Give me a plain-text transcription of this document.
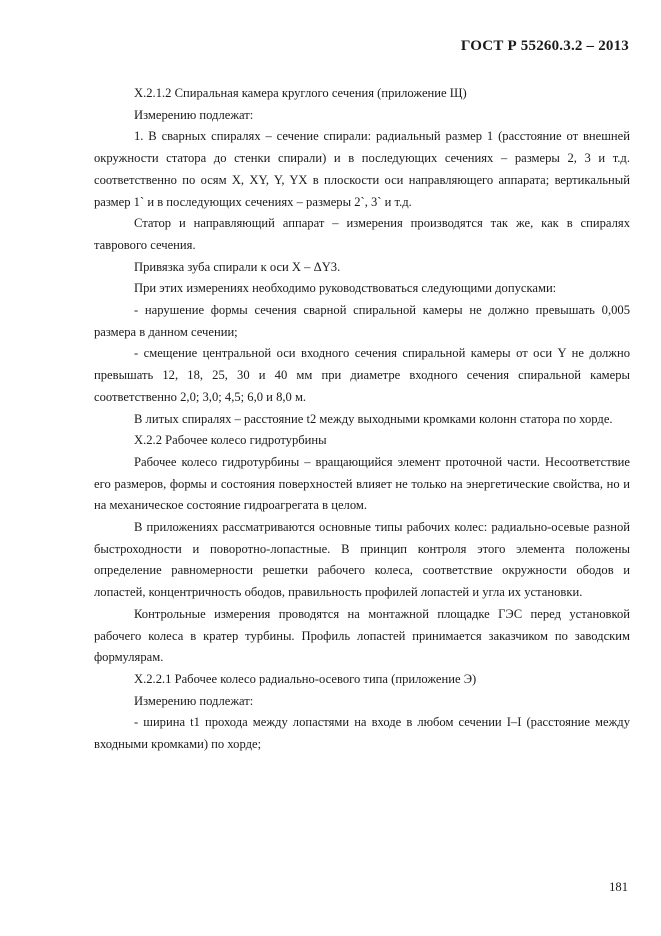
ГОСТ Р 55260.3.2 – 2013

Х.2.1.2 Спиральная камера круглого сечения (приложение Щ)

Измерению подлежат:

1. В сварных спиралях – сечение спирали: радиальный размер 1 (расстояние от внешней окружности статора до стенки спирали) и в последующих сечениях – размеры 2, 3 и т.д. соответственно по осям X, XY, Y, YX в плоскости оси направляющего аппарата; вертикальный размер 1` и в последующих сечениях – размеры 2`, 3` и т.д.

Статор и направляющий аппарат – измерения производятся так же, как в спиралях таврового сечения.

Привязка зуба спирали к оси X – ΔY3.

При этих измерениях необходимо руководствоваться следующими допусками:

- нарушение формы сечения сварной спиральной камеры не должно превышать 0,005 размера в данном сечении;

- смещение центральной оси входного сечения спиральной камеры от оси Y не должно превышать 12, 18, 25, 30 и 40 мм при диаметре входного сечения спиральной камеры соответственно 2,0; 3,0; 4,5; 6,0 и 8,0 м.

В литых спиралях – расстояние t2 между выходными кромками колонн статора по хорде.

Х.2.2 Рабочее колесо гидротурбины

Рабочее колесо гидротурбины – вращающийся элемент проточной части. Несоответствие его размеров, формы и состояния поверхностей влияет не только на энергетические свойства, но и на механическое состояние гидроагрегата в целом.

В приложениях рассматриваются основные типы рабочих колес: радиально-осевые разной быстроходности и поворотно-лопастные. В принцип контроля этого элемента положены определение равномерности решетки рабочего колеса, соответствие окружности ободов и лопастей, концентричность ободов, правильность профилей лопастей и угла их установки.

Контрольные измерения проводятся на монтажной площадке ГЭС перед установкой рабочего колеса в кратер турбины. Профиль лопастей принимается заказчиком по заводским формулярам.

Х.2.2.1 Рабочее колесо радиально-осевого типа (приложение Э)

Измерению подлежат:

- ширина t1 прохода между лопастями на входе в любом сечении I–I (расстояние между входными кромками) по хорде;

181
